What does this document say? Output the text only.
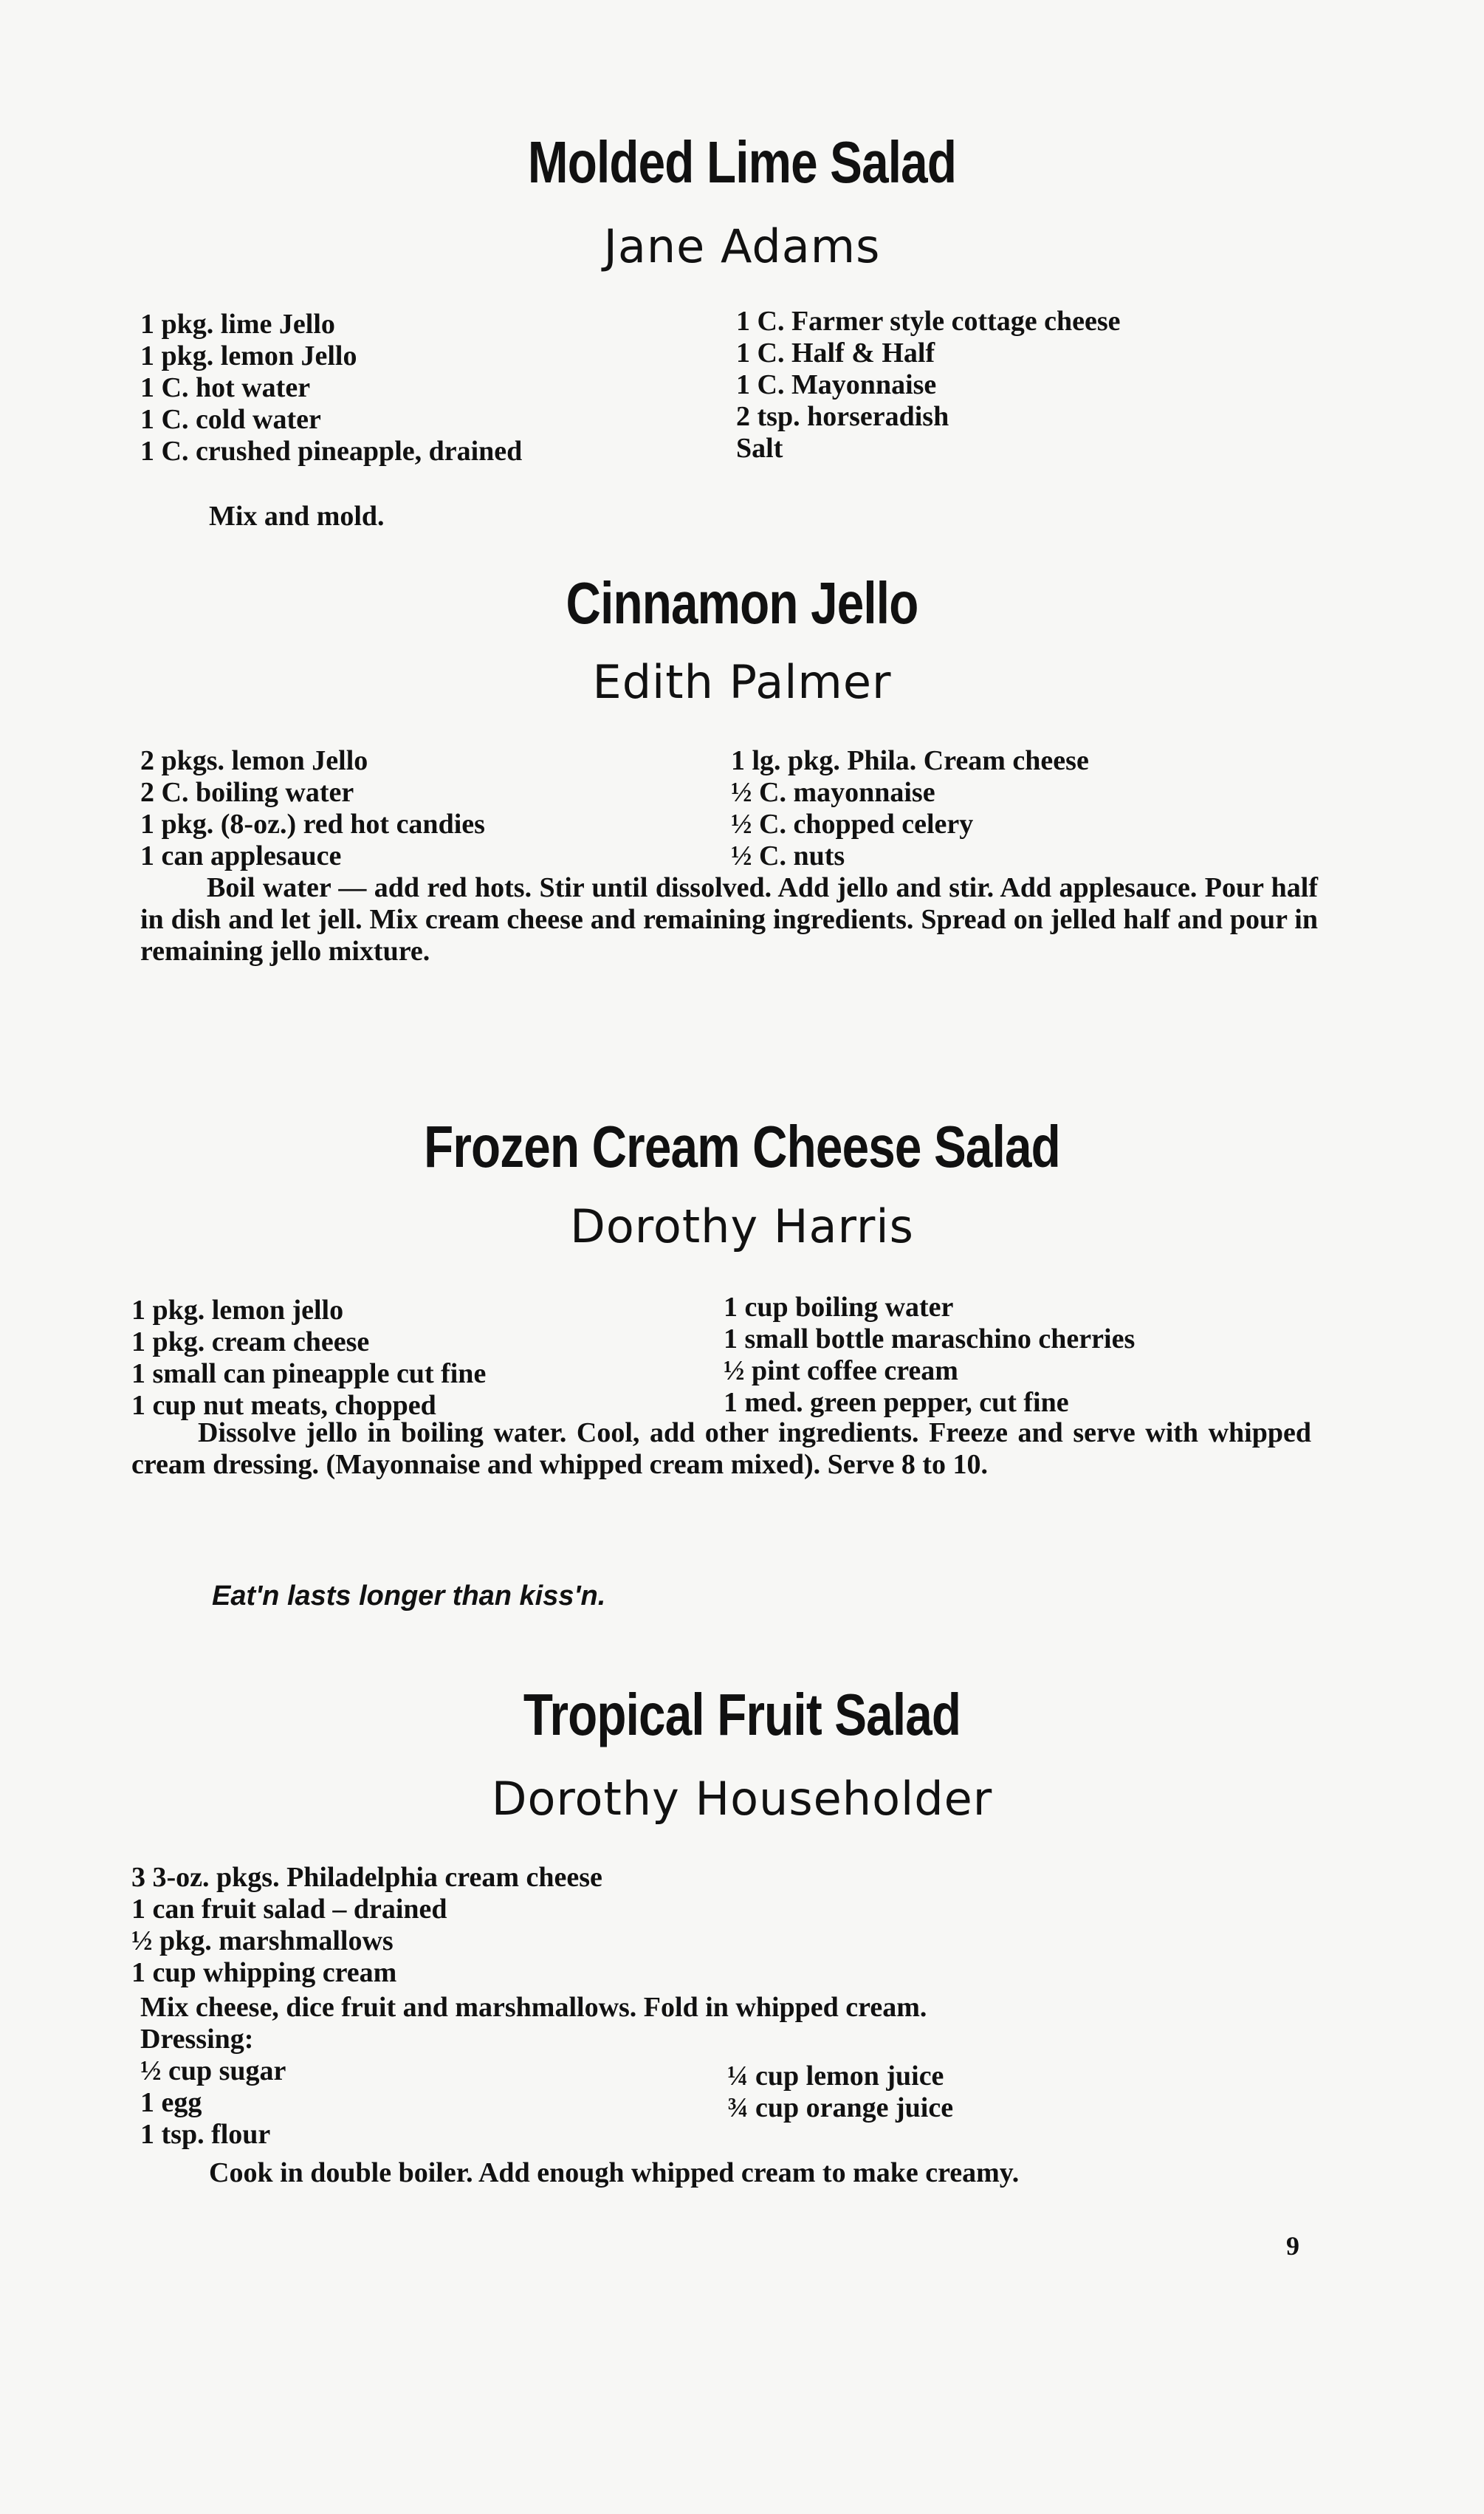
Molded Lime Salad
Jane Adams
1 pkg. lime Jello
1 pkg. lemon Jello
1 C. hot water
1 C. cold water
1 C. crushed pineapple, drained
1 C. Farmer style cottage cheese
1 C. Half & Half
1 C. Mayonnaise
2 tsp. horseradish
Salt
Mix and mold.
Cinnamon Jello
Edith Palmer
2 pkgs. lemon Jello
2 C. boiling water
1 pkg. (8-oz.) red hot candies
1 can applesauce
1 lg. pkg. Phila. Cream cheese
½ C. mayonnaise
½ C. chopped celery
½ C. nuts
Boil water — add red hots. Stir until dissolved. Add jello and stir. Add applesauce. Pour half in dish and let jell. Mix cream cheese and remaining ingredients. Spread on jelled half and pour in remaining jello mixture.
Frozen Cream Cheese Salad
Dorothy Harris
1 pkg. lemon jello
1 pkg. cream cheese
1 small can pineapple cut fine
1 cup nut meats, chopped
1 cup boiling water
1 small bottle maraschino cherries
½ pint coffee cream
1 med. green pepper, cut fine
Dissolve jello in boiling water. Cool, add other ingredients. Freeze and serve with whipped cream dressing. (Mayonnaise and whipped cream mixed). Serve 8 to 10.
Eat'n lasts longer than kiss'n.
Tropical Fruit Salad
Dorothy Householder
3 3-oz. pkgs. Philadelphia cream cheese
1 can fruit salad – drained
½ pkg. marshmallows
1 cup whipping cream
Mix cheese, dice fruit and marshmallows. Fold in whipped cream.
Dressing:
½ cup sugar
1 egg
1 tsp. flour
¼ cup lemon juice
¾ cup orange juice
Cook in double boiler. Add enough whipped cream to make creamy.
9
